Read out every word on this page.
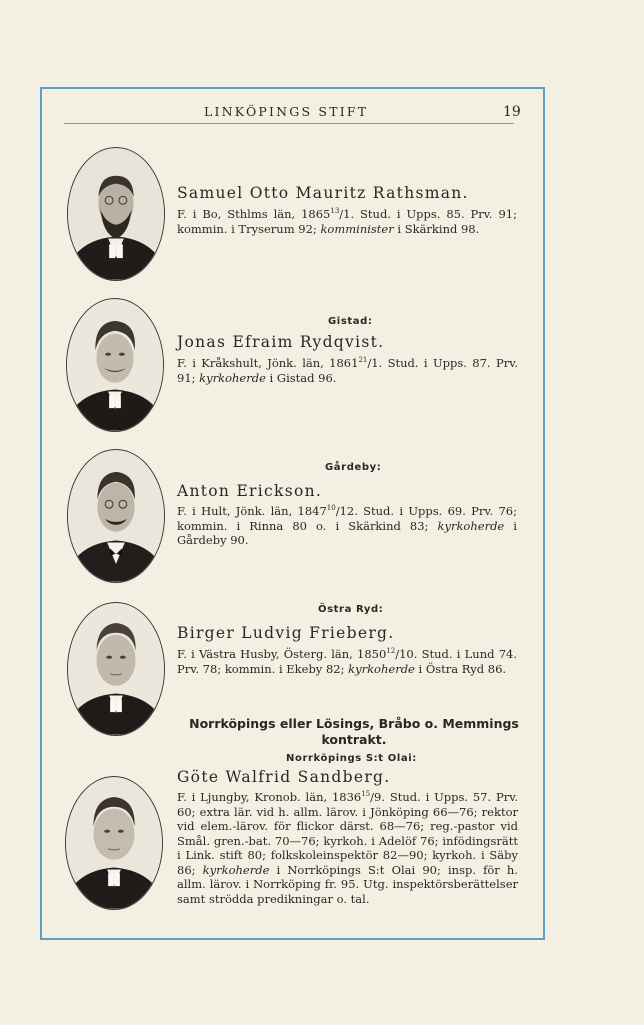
LINKÖPINGS STIFT	19
Samuel Otto Mauritz Rathsman.

F. i Bo, Sthlms län, 1865$^{13}$/1. Stud. i Upps. 85. Prv. 91; kommin. i Tryserum 92; komminister i Skärkind 98.

Gistad:
Jonas Efraim Rydqvist.

F. i Kråkshult, Jönk. län, 1861$^{21}$/1. Stud. i Upps. 87. Prv. 91; kyrkoherde i Gistad 96.

Gårdeby:
Anton Erickson.

F. i Hult, Jönk. län, 1847$^{10}$/12. Stud. i Upps. 69. Prv. 76; kommin. i Rinna 80 o. i Skärkind 83; kyrkoherde i Gårdeby 90.

Östra Ryd:
Birger Ludvig Frieberg.

F. i Västra Husby, Österg. län, 1850$^{12}$/10. Stud. i Lund 74. Prv. 78; kommin. i Ekeby 82; kyrkoherde i Östra Ryd 86.

Norrköpings eller Lösings, Bråbo o. Memmings kontrakt.
Norrköpings S:t Olai:
Göte Walfrid Sandberg.

F. i Ljungby, Kronob. län, 1836$^{15}$/9. Stud. i Upps. 57. Prv. 60; extra lär. vid h. allm. lärov. i Jönköping 66—76; rektor vid elem.-lärov. för flickor därst. 68—76; reg.-pastor vid Smål. gren.-bat. 70—76; kyrkoh. i Adelöf 76; infödingsrätt i Link. stift 80; folkskoleinspektör 82—90; kyrkoh. i Säby 86; kyrkoherde i Norrköpings S:t Olai 90; insp. för h. allm. lärov. i Norrköping fr. 95. Utg. inspektörsberättelser samt strödda predikningar o. tal.
